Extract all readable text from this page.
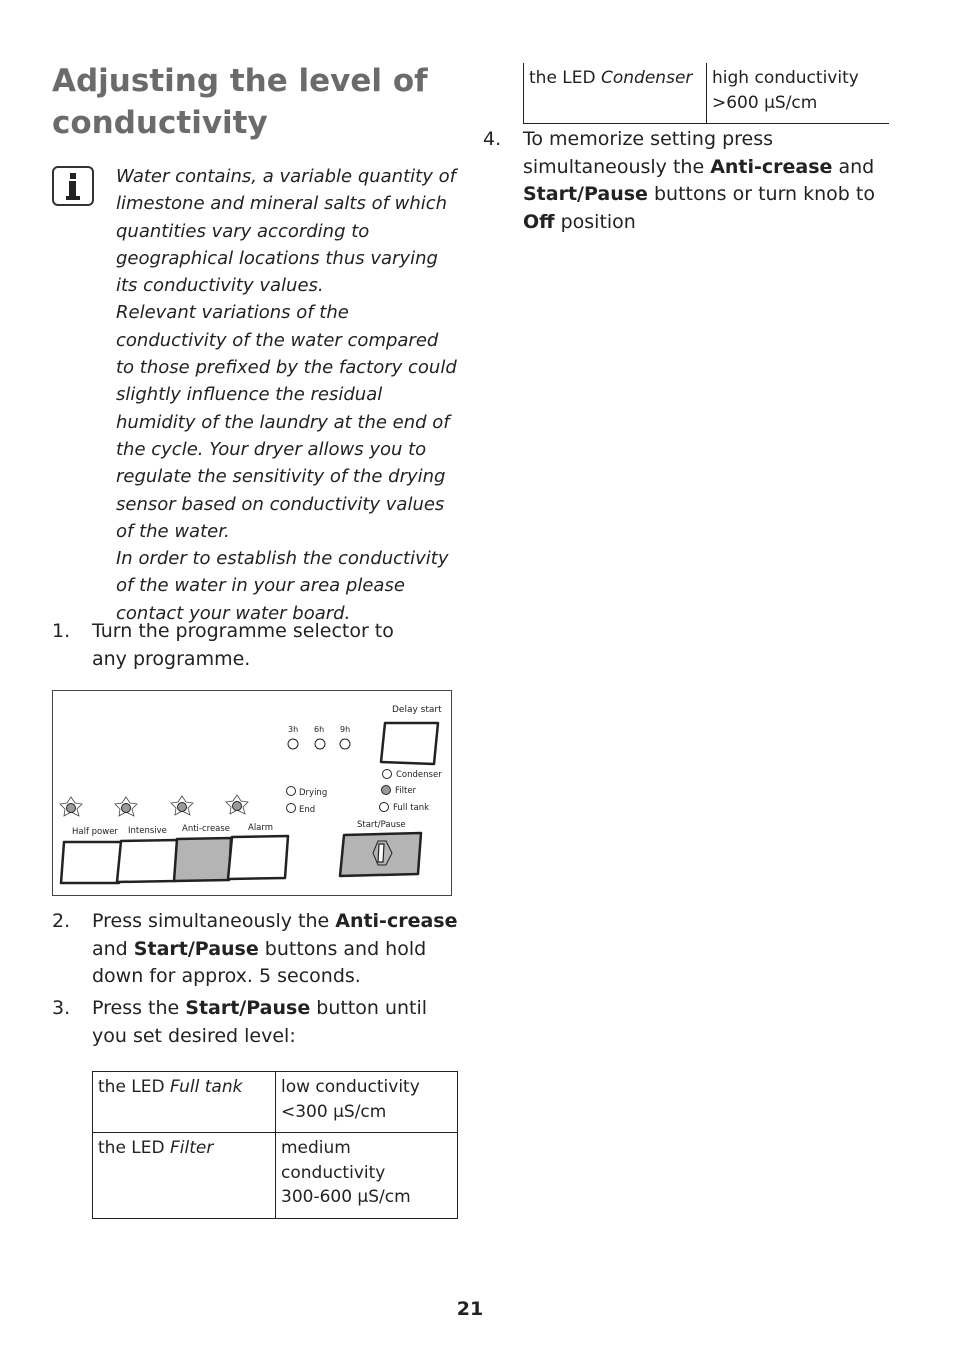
Adjusting the level of conductivity

Water contains, a variable quantity of limestone and mineral salts of which quantities vary according to geographical locations thus varying its conductivity values.

Relevant variations of the conductivity of the water compared to those prefixed by the factory could slightly influence the residual humidity of the laundry at the end of the cycle. Your dryer allows you to regulate the sensitivity of the drying sensor based on conductivity values of the water.

In order to establish the conductivity of the water in your area please contact your water board.

1. Turn the programme selector to any programme.
Delay start
3h 6h 9h
Condenser
Filter
Full tank
Drying
End
Start/Pause
Half power Intensive Anti-crease Alarm
2. Press simultaneously the Anti-crease and Start/Pause buttons and hold down for approx. 5 seconds.
3. Press the Start/Pause button until you set desired level:
the LED Full tank	low conductivity
<300 µS/cm
the LED Filter	medium
conductivity
300-600 µS/cm
the LED Condenser	high conductivity
>600 µS/cm
4. To memorize setting press simultaneously the Anti-crease and Start/Pause buttons or turn knob to Off position
21
